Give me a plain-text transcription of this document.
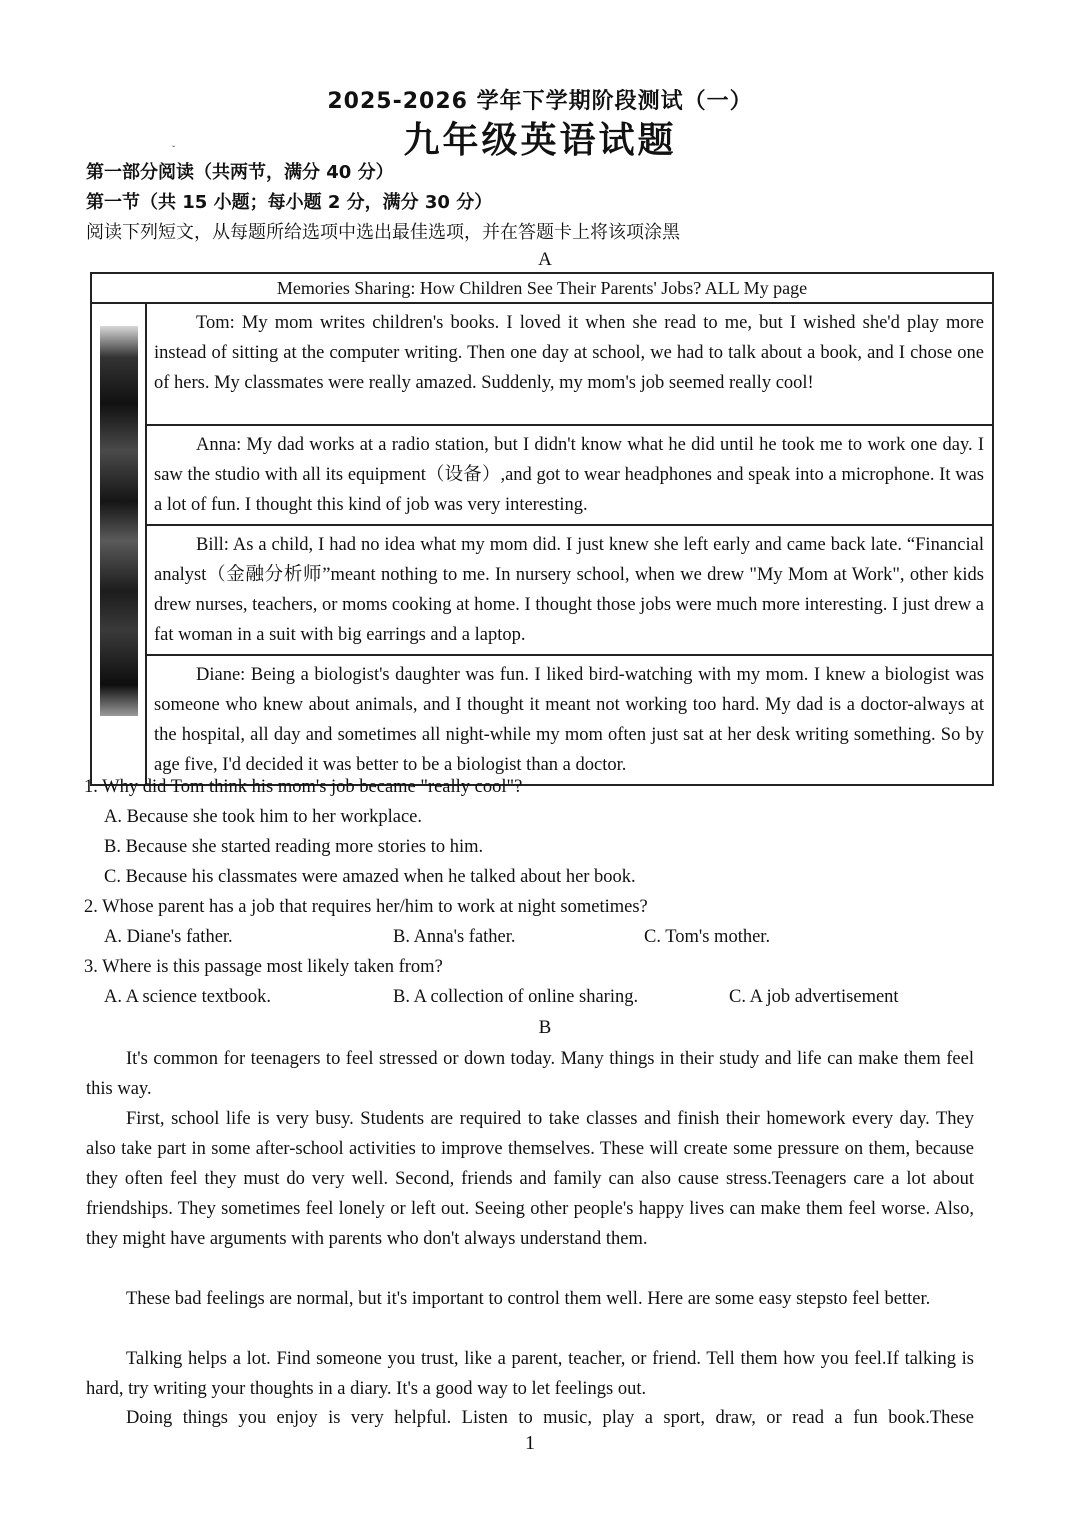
ˇ
2025-2026 学年下学期阶段测试（一）
九年级英语试题
第一部分阅读（共两节，满分 40 分）
第一节（共 15 小题；每小题 2 分，满分 30 分）
阅读下列短文，从每题所给选项中选出最佳选项，并在答题卡上将该项涂黑
A
Memories Sharing: How Children See Their Parents' Jobs? ALL My page

Tom: My mom writes children's books. I loved it when she read to me, but I wished she'd play more instead of sitting at the computer writing. Then one day at school, we had to talk about a book, and I chose one of hers. My classmates were really amazed. Suddenly, my mom's job seemed really cool!

Anna: My dad works at a radio station, but I didn't know what he did until he took me to work one day. I saw the studio with all its equipment（设备）,and got to wear headphones and speak into a microphone. It was a lot of fun. I thought this kind of job was very interesting.

Bill: As a child, I had no idea what my mom did. I just knew she left early and came back late. “Financial analyst（金融分析师”meant nothing to me. In nursery school, when we drew "My Mom at Work", other kids drew nurses, teachers, or moms cooking at home. I thought those jobs were much more interesting. I just drew a fat woman in a suit with big earrings and a laptop.

Diane: Being a biologist's daughter was fun. I liked bird-watching with my mom. I knew a biologist was someone who knew about animals, and I thought it meant not working too hard. My dad is a doctor-always at the hospital, all day and sometimes all night-while my mom often just sat at her desk writing something. So by age five, I'd decided it was better to be a biologist than a doctor.

1. Why did Tom think his mom's job became "really cool"?
A. Because she took him to her workplace.
B. Because she started reading more stories to him.
C. Because his classmates were amazed when he talked about her book.
2. Whose parent has a job that requires her/him to work at night sometimes?
A. Diane's father.	B. Anna's father.	C. Tom's mother.
3. Where is this passage most likely taken from?
A. A science textbook.	B. A collection of online sharing.	C. A job advertisement
B
It's common for teenagers to feel stressed or down today. Many things in their study and life can make them feel this way.
First, school life is very busy. Students are required to take classes and finish their homework every day. They also take part in some after-school activities to improve themselves. These will create some pressure on them, because they often feel they must do very well. Second, friends and family can also cause stress.Teenagers care a lot about friendships. They sometimes feel lonely or left out. Seeing other people's happy lives can make them feel worse. Also, they might have arguments with parents who don't always understand them.
These bad feelings are normal, but it's important to control them well. Here are some easy stepsto feel better.
Talking helps a lot. Find someone you trust, like a parent, teacher, or friend. Tell them how you feel.If talking is hard, try writing your thoughts in a diary. It's a good way to let feelings out.
Doing things you enjoy is very helpful. Listen to music, play a sport, draw, or read a fun book.These
1
